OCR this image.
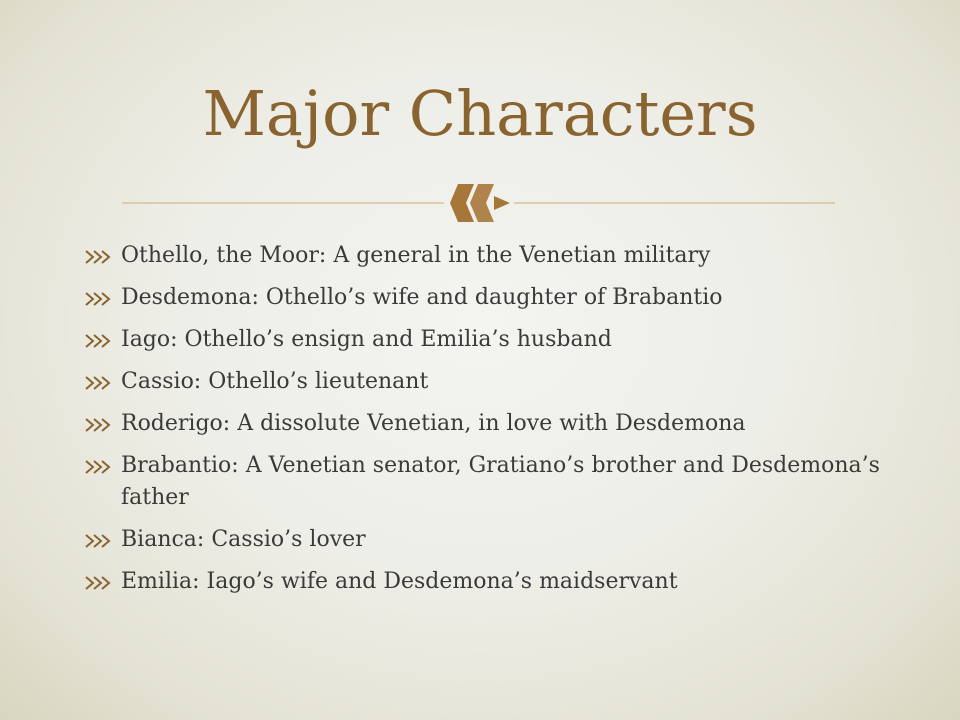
Major Characters
Othello, the Moor: A general in the Venetian military
Desdemona: Othello’s wife and daughter of Brabantio
Iago: Othello’s ensign and Emilia’s husband
Cassio: Othello’s lieutenant
Roderigo: A dissolute Venetian, in love with Desdemona
Brabantio: A Venetian senator, Gratiano’s brother and Desdemona’s father
Bianca: Cassio’s lover
Emilia: Iago’s wife and Desdemona’s maidservant
